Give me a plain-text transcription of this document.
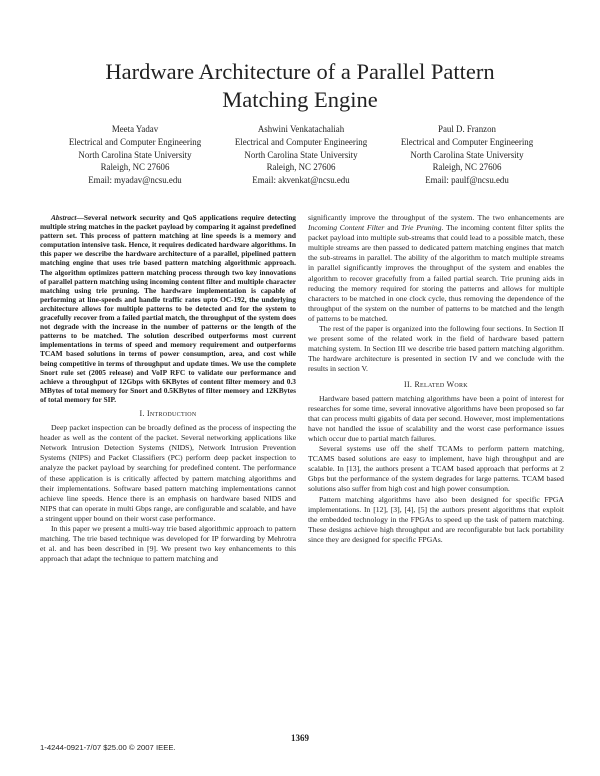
Hardware Architecture of a Parallel Pattern
Matching Engine
Meeta Yadav
Electrical and Computer Engineering
North Carolina State University
Raleigh, NC 27606
Email: myadav@ncsu.edu
Ashwini Venkatachaliah
Electrical and Computer Engineering
North Carolina State University
Raleigh, NC 27606
Email: akvenkat@ncsu.edu
Paul D. Franzon
Electrical and Computer Engineering
North Carolina State University
Raleigh, NC 27606
Email: paulf@ncsu.edu

Abstract—Several network security and QoS applications require detecting multiple string matches in the packet payload by comparing it against predefined pattern set. This process of pattern matching at line speeds is a memory and computation intensive task. Hence, it requires dedicated hardware algorithms. In this paper we describe the hardware architecture of a parallel, pipelined pattern matching engine that uses trie based pattern matching algorithmic approach. The algorithm optimizes pattern matching process through two key innovations of parallel pattern matching using incoming content filter and multiple character matching using trie pruning. The hardware implementation is capable of performing at line-speeds and handle traffic rates upto OC-192, the underlying architecture allows for multiple patterns to be detected and for the system to gracefully recover from a failed partial match, the throughput of the system does not degrade with the increase in the number of patterns or the length of the patterns to be matched. The solution described outperforms most current implementations in terms of speed and memory requirement and outperforms TCAM based solutions in terms of power consumption, area, and cost while being competitive in terms of throughput and update times. We use the complete Snort rule set (2005 release) and VoIP RFC to validate our performance and achieve a throughput of 12Gbps with 6KBytes of content filter memory and 0.3 MBytes of total memory for Snort and 0.5KBytes of filter memory and 12KBytes of total memory for SIP.

I. Introduction

Deep packet inspection can be broadly defined as the process of inspecting the header as well as the content of the packet. Several networking applications like Network Intrusion Detection Systems (NIDS), Network Intrusion Prevention Systems (NIPS) and Packet Classifiers (PC) perform deep packet inspection to analyze the packet payload by searching for predefined content. The performance of these application is is critically affected by pattern matching algorithms and their implementations. Software based pattern matching implementations cannot achieve line speeds. Hence there is an emphasis on hardware based NIDS and NIPS that can operate in multi Gbps range, are configurable and scalable, and have a stringent upper bound on their worst case performance.

In this paper we present a multi-way trie based algorithmic approach to pattern matching. The trie based technique was developed for IP forwarding by Mehrotra et al. and has been described in [9]. We present two key enhancements to this approach that adapt the technique to pattern matching and

significantly improve the throughput of the system. The two enhancements are Incoming Content Filter and Trie Pruning. The incoming content filter splits the packet payload into multiple sub-streams that could lead to a possible match, these multiple streams are then passed to dedicated pattern matching engines that match the sub-streams in parallel. The ability of the algorithm to match multiple streams in parallel significantly improves the throughput of the system and enables the algorithm to recover gracefully from a failed partial search. Trie pruning aids in reducing the memory required for storing the patterns and allows for multiple characters to be matched in one clock cycle, thus removing the dependence of the throughput of the system on the number of patterns to be matched and the length of patterns to be matched.

The rest of the paper is organized into the following four sections. In Section II we present some of the related work in the field of hardware based pattern matching system. In Section III we describe trie based pattern matching algorithm. The hardware architecture is presented in section IV and we conclude with the results in section V.

II. Related Work

Hardware based pattern matching algorithms have been a point of interest for researches for some time, several innovative algorithms have been proposed so far that can process multi gigabits of data per second. However, most implementations have not handled the issue of scalability and the worst case performance issues which occur due to partial match failures.

Several systems use off the shelf TCAMs to perform pattern matching, TCAMS based solutions are easy to implement, have high throughput and are scalable. In [13], the authors present a TCAM based approach that performs at 2 Gbps but the performance of the system degrades for large patterns. TCAM based solutions also suffer from high cost and high power consumption.

Pattern matching algorithms have also been designed for specific FPGA implementations. In [12], [3], [4], [5] the authors present algorithms that exploit the embedded technology in the FPGAs to speed up the task of pattern matching. These designs achieve high throughput and are reconfigurable but lack portability since they are designed for specific FPGAs.

1369
1-4244-0921-7/07 $25.00 © 2007 IEEE.
